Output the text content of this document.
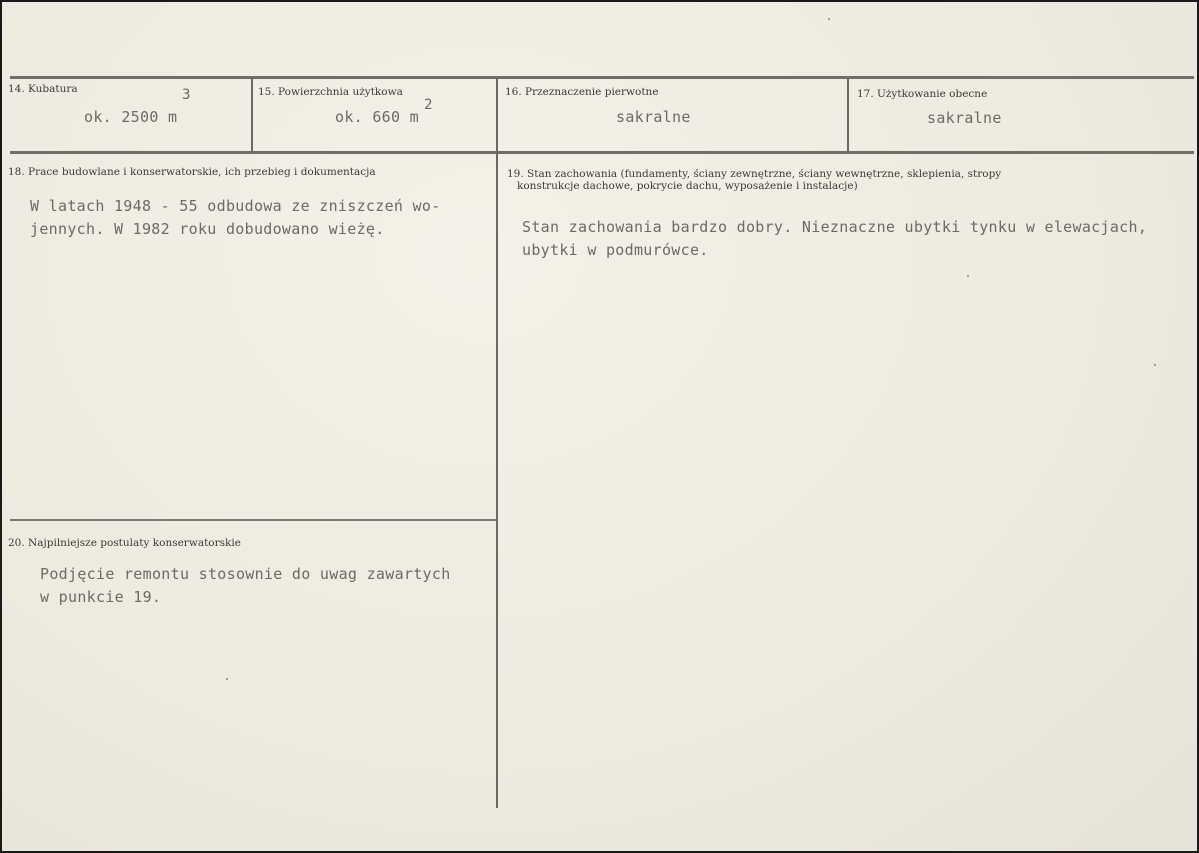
14. Kubatura
ok. 2500 m
3	15. Powierzchnia użytkowa
ok. 660 m
2
16. Przeznaczenie pierwotne
sakralne
17. Użytkowanie obecne
sakralne
18. Prace budowlane i konserwatorskie, ich przebieg i dokumentacja
W latach 1948 - 55 odbudowa ze zniszczeń wo-
jennych. W 1982 roku dobudowano wieżę.
19. Stan zachowania (fundamenty, ściany zewnętrzne, ściany wewnętrzne, sklepienia, stropy
konstrukcje dachowe, pokrycie dachu, wyposażenie i instalacje)
Stan zachowania bardzo dobry. Nieznaczne ubytki tynku w elewacjach,
ubytki w podmurówce.
20. Najpilniejsze postulaty konserwatorskie
Podjęcie remontu stosownie do uwag zawartych
w punkcie 19.
